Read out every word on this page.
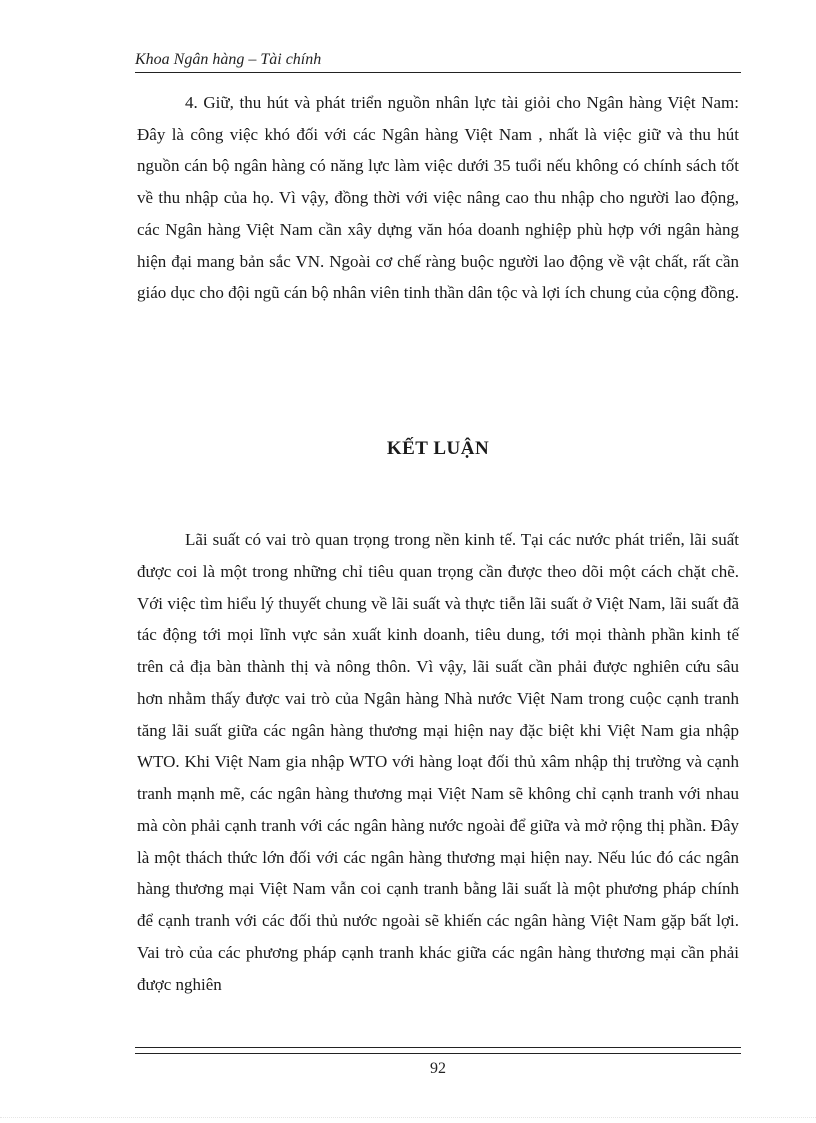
Khoa Ngân hàng – Tài chính

4. Giữ, thu hút và phát triển nguồn nhân lực tài giỏi cho Ngân hàng Việt Nam: Đây là công việc khó đối với các Ngân hàng Việt Nam , nhất là việc giữ và thu hút nguồn cán bộ ngân hàng có năng lực làm việc dưới 35 tuổi nếu không có chính sách tốt về thu nhập của họ. Vì vậy, đồng thời với việc nâng cao thu nhập cho người lao động, các Ngân hàng Việt Nam cần xây dựng văn hóa doanh nghiệp phù hợp với ngân hàng hiện đại mang bản sắc VN. Ngoài cơ chế ràng buộc người lao động về vật chất, rất cần giáo dục cho đội ngũ cán bộ nhân viên tinh thần dân tộc và lợi ích chung của cộng đồng.

KẾT LUẬN

Lãi suất có vai trò quan trọng trong nền kinh tế. Tại các nước phát triển, lãi suất được coi là một trong những chỉ tiêu quan trọng cần được theo dõi một cách chặt chẽ. Với việc tìm hiểu lý thuyết chung về lãi suất và thực tiễn lãi suất ở Việt Nam, lãi suất đã tác động tới mọi lĩnh vực sản xuất kinh doanh, tiêu dung, tới mọi thành phần kinh tế trên cả địa bàn thành thị và nông thôn. Vì vậy, lãi suất cần phải được nghiên cứu sâu hơn nhằm thấy được vai trò của Ngân hàng Nhà nước Việt Nam trong cuộc cạnh tranh tăng lãi suất giữa các ngân hàng thương mại hiện nay đặc biệt khi Việt Nam gia nhập WTO. Khi Việt Nam gia nhập WTO với hàng loạt đối thủ xâm nhập thị trường và cạnh tranh mạnh mẽ, các ngân hàng thương mại Việt Nam sẽ không chỉ cạnh tranh với nhau mà còn phải cạnh tranh với các ngân hàng nước ngoài để giữa và mở rộng thị phần. Đây là một thách thức lớn đối với các ngân hàng thương mại hiện nay. Nếu lúc đó các ngân hàng thương mại Việt Nam vẫn coi cạnh tranh bằng lãi suất là một phương pháp chính để cạnh tranh với các đối thủ nước ngoài sẽ khiến các ngân hàng Việt Nam gặp bất lợi. Vai trò của các phương pháp cạnh tranh khác giữa các ngân hàng thương mại cần phải được nghiên

92
